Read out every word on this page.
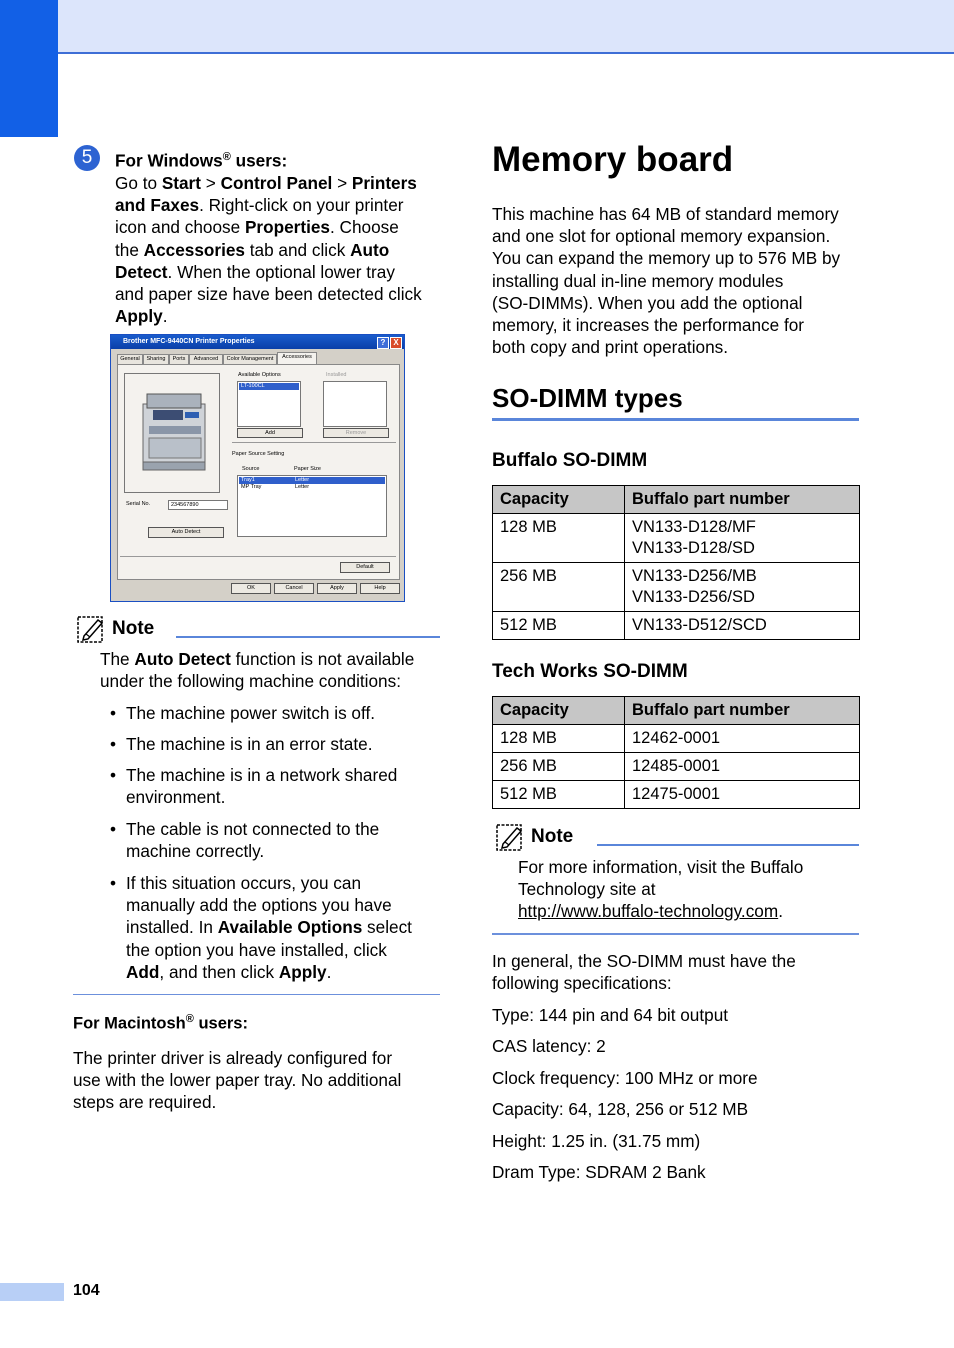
104
5	For Windows® users:

Go to Start > Control Panel > Printers

and Faxes. Right-click on your printer

icon and choose Properties. Choose

the Accessories tab and click Auto

Detect. When the optional lower tray

and paper size have been detected click

Apply.

Brother MFC-9440CN Printer Properties	? X
General	Sharing	Ports	Advanced	Color Management	Accessories
Serial No.	234567890
Auto Detect
Available Options
LT-100CL
Add
Installed
Remove
Paper Source Setting
Source	Paper Size
Tray1	Letter
MP Tray	Letter
Default
OK	Cancel	Apply	Help
Note

The Auto Detect function is not available

under the following machine conditions:

• The machine power switch is off.
• The machine is in an error state.
• The machine is in a network shared
environment.
• The cable is not connected to the
machine correctly.
• If this situation occurs, you can
manually add the options you have
installed. In Available Options select
the option you have installed, click
Add, and then click Apply.
For Macintosh® users:

The printer driver is already configured for

use with the lower paper tray. No additional

steps are required.

Memory board

This machine has 64 MB of standard memory

and one slot for optional memory expansion.

You can expand the memory up to 576 MB by

installing dual in-line memory modules

(SO-DIMMs). When you add the optional

memory, it increases the performance for

both copy and print operations.

SO-DIMM types
Buffalo SO-DIMM
Capacity	Buffalo part number
128 MB	VN133-D128/MF
VN133-D128/SD

256 MB	VN133-D256/MB
VN133-D256/SD

512 MB	VN133-D512/SCD
Tech Works SO-DIMM
Capacity	Buffalo part number
128 MB	12462-0001
256 MB	12485-0001
512 MB	12475-0001
Note

For more information, visit the Buffalo

Technology site at

http://www.buffalo-technology.com.

In general, the SO-DIMM must have the

following specifications:

Type: 144 pin and 64 bit output
CAS latency: 2
Clock frequency: 100 MHz or more
Capacity: 64, 128, 256 or 512 MB
Height: 1.25 in. (31.75 mm)
Dram Type: SDRAM 2 Bank
